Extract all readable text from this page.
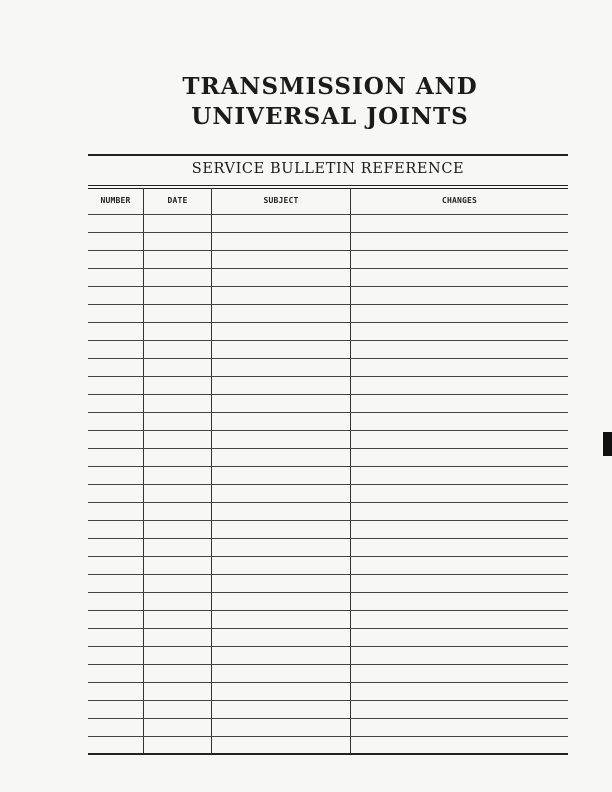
TRANSMISSION AND
UNIVERSAL JOINTS
SERVICE BULLETIN REFERENCE
NUMBER	DATE	SUBJECT	CHANGES
